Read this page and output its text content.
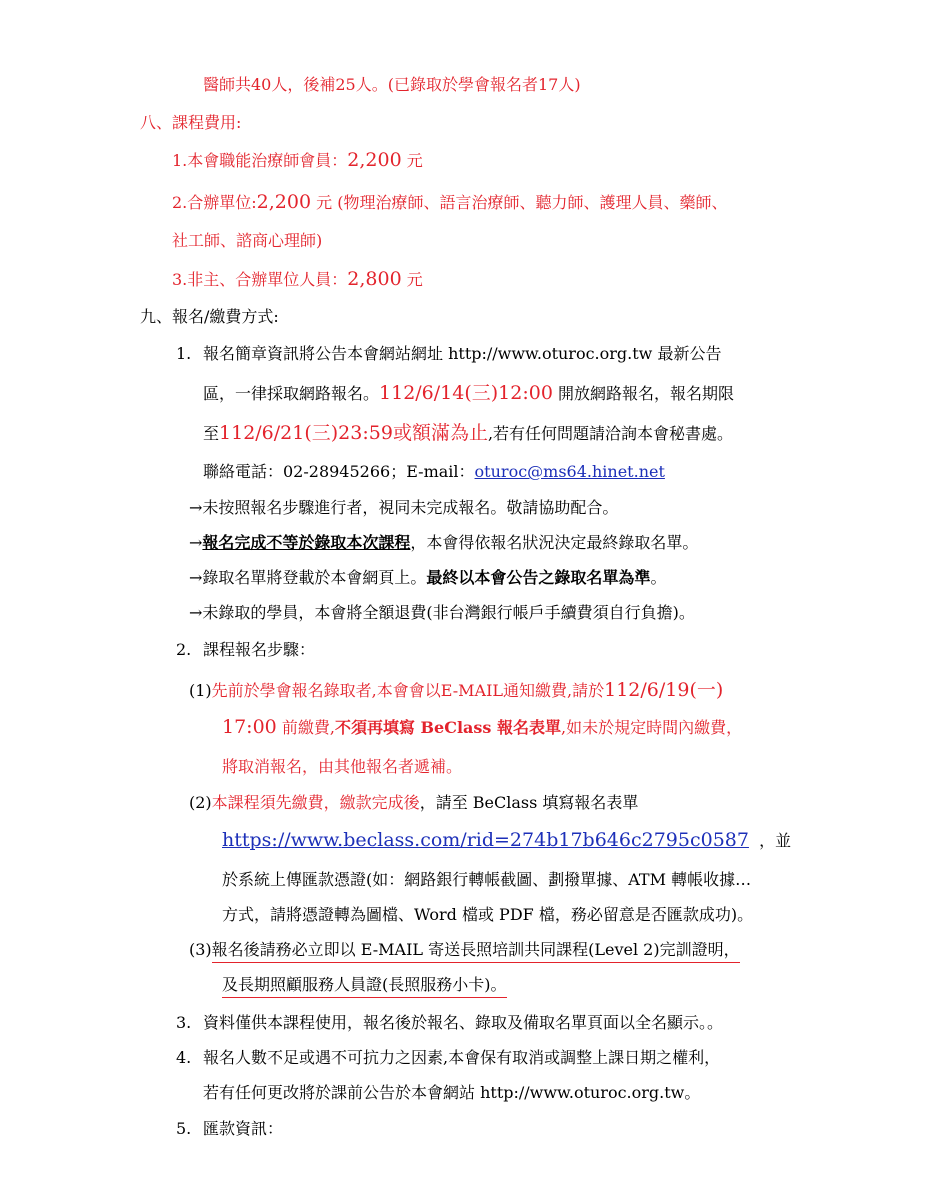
醫師共40人，後補25人。(已錄取於學會報名者17人)
八、課程費用:
1.本會職能治療師會員：2,200 元
2.合辦單位:2,200 元 (物理治療師、語言治療師、聽力師、護理人員、藥師、
社工師、諮商心理師)
3.非主、合辦單位人員：2,800 元
九、報名/繳費方式:
1. 報名簡章資訊將公告本會網站網址 http://www.oturoc.org.tw 最新公告
區，一律採取網路報名。112/6/14(三)12:00 開放網路報名，報名期限
至112/6/21(三)23:59或額滿為止,若有任何問題請洽詢本會秘書處。
聯絡電話：02-28945266；E-mail：oturoc@ms64.hinet.net
→未按照報名步驟進行者，視同未完成報名。敬請協助配合。
→報名完成不等於錄取本次課程，本會得依報名狀況決定最終錄取名單。
→錄取名單將登載於本會網頁上。最終以本會公告之錄取名單為準。
→未錄取的學員，本會將全額退費(非台灣銀行帳戶手續費須自行負擔)。
2. 課程報名步驟：
(1)先前於學會報名錄取者,本會會以E-MAIL通知繳費,請於112/6/19(一)
17:00 前繳費,不須再填寫 BeClass 報名表單,如未於規定時間內繳費，
將取消報名，由其他報名者遞補。
(2)本課程須先繳費，繳款完成後，請至 BeClass 填寫報名表單
https://www.beclass.com/rid=274b17b646c2795c0587 ，並
於系統上傳匯款憑證(如：網路銀行轉帳截圖、劃撥單據、ATM 轉帳收據…
方式，請將憑證轉為圖檔、Word 檔或 PDF 檔，務必留意是否匯款成功)。
(3)報名後請務必立即以 E-MAIL 寄送長照培訓共同課程(Level 2)完訓證明，
及長期照顧服務人員證(長照服務小卡)。
3. 資料僅供本課程使用，報名後於報名、錄取及備取名單頁面以全名顯示。。
4. 報名人數不足或遇不可抗力之因素,本會保有取消或調整上課日期之權利，
若有任何更改將於課前公告於本會網站 http://www.oturoc.org.tw。
5. 匯款資訊：
